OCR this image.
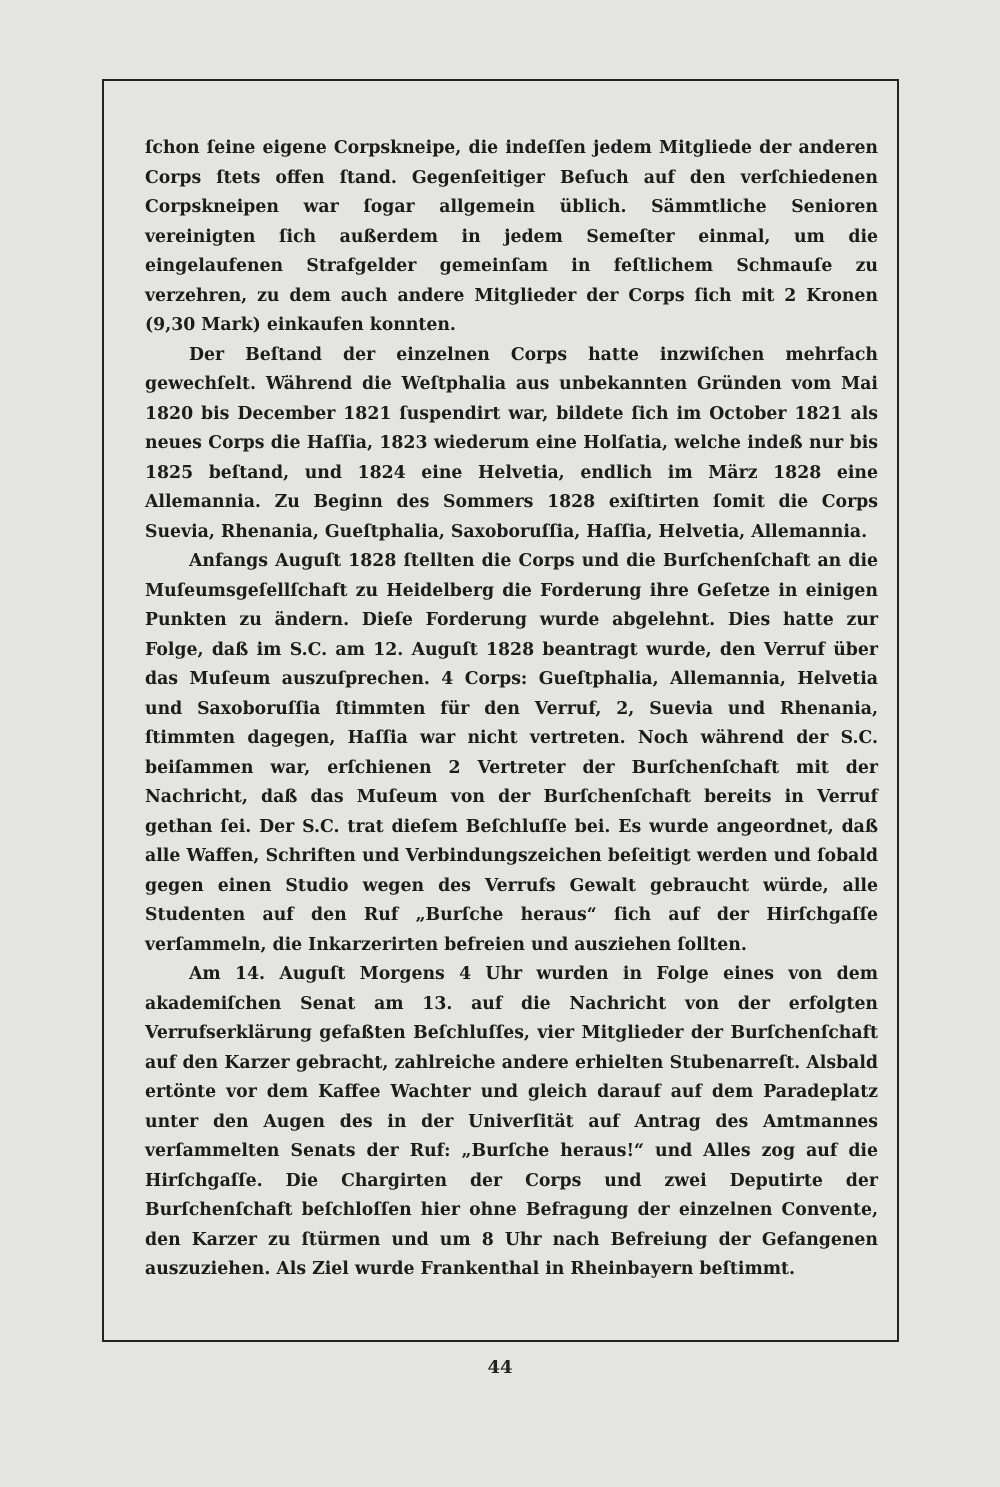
ſchon ſeine eigene Corpskneipe, die indeſſen jedem Mitgliede der anderen Corps ſtets offen ſtand. Gegenſeitiger Beſuch auf den verſchiedenen Corpskneipen war ſogar allgemein üblich. Sämmtliche Senioren vereinigten ſich außerdem in jedem Semeſter einmal, um die eingelaufenen Strafgelder gemeinſam in feſtlichem Schmauſe zu verzehren, zu dem auch andere Mitglieder der Corps ſich mit 2 Kronen (9,30 Mark) einkaufen konnten.

Der Beſtand der einzelnen Corps hatte inzwiſchen mehrfach gewechſelt. Während die Weſtphalia aus unbekannten Gründen vom Mai 1820 bis December 1821 ſuspendirt war, bildete ſich im October 1821 als neues Corps die Haſſia, 1823 wiederum eine Holſatia, welche indeß nur bis 1825 beſtand, und 1824 eine Helvetia, endlich im März 1828 eine Allemannia. Zu Beginn des Sommers 1828 exiſtirten ſomit die Corps Suevia, Rhenania, Gueſtphalia, Saxoboruſſia, Haſſia, Helvetia, Allemannia.

Anfangs Auguſt 1828 ſtellten die Corps und die Burſchenſchaft an die Muſeumsgeſellſchaft zu Heidelberg die Forderung ihre Geſetze in einigen Punkten zu ändern. Dieſe Forderung wurde abgelehnt. Dies hatte zur Folge, daß im S.C. am 12. Auguſt 1828 beantragt wurde, den Verruf über das Muſeum auszuſprechen. 4 Corps: Gueſtphalia, Allemannia, Helvetia und Saxoboruſſia ſtimmten für den Verruf, 2, Suevia und Rhenania, ſtimmten dagegen, Haſſia war nicht vertreten. Noch während der S.C. beiſammen war, erſchienen 2 Vertreter der Burſchenſchaft mit der Nachricht, daß das Muſeum von der Burſchenſchaft bereits in Verruf gethan ſei. Der S.C. trat dieſem Beſchluſſe bei. Es wurde angeordnet, daß alle Waffen, Schriften und Verbindungszeichen beſeitigt werden und ſobald gegen einen Studio wegen des Verrufs Gewalt gebraucht würde, alle Studenten auf den Ruf „Burſche heraus“ ſich auf der Hirſchgaſſe verſammeln, die Inkarzerirten befreien und ausziehen ſollten.

Am 14. Auguſt Morgens 4 Uhr wurden in Folge eines von dem akademiſchen Senat am 13. auf die Nachricht von der erfolgten Verrufserklärung gefaßten Beſchluſſes, vier Mitglieder der Burſchenſchaft auf den Karzer gebracht, zahlreiche andere erhielten Stubenarreſt. Alsbald ertönte vor dem Kaffee Wachter und gleich darauf auf dem Paradeplatz unter den Augen des in der Univerſität auf Antrag des Amtmannes verſammelten Senats der Ruf: „Burſche heraus!“ und Alles zog auf die Hirſchgaſſe. Die Chargirten der Corps und zwei Deputirte der Burſchenſchaft beſchloſſen hier ohne Befragung der einzelnen Convente, den Karzer zu ſtürmen und um 8 Uhr nach Befreiung der Gefangenen auszuziehen. Als Ziel wurde Frankenthal in Rheinbayern beſtimmt.

44
